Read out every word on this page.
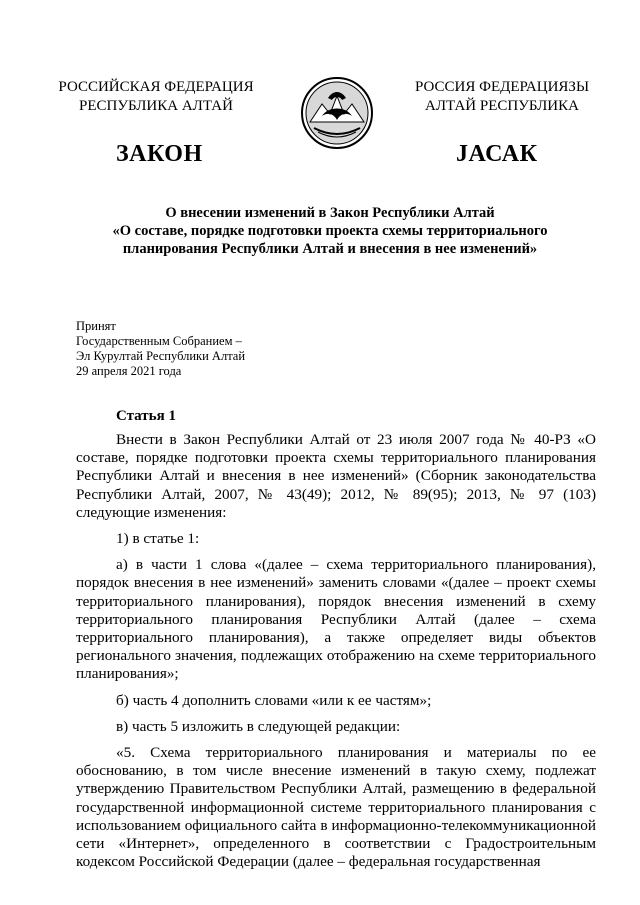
РОССИЙСКАЯ ФЕДЕРАЦИЯ
РЕСПУБЛИКА АЛТАЙ
РОССИЯ ФЕДЕРАЦИЯЗЫ
АЛТАЙ РЕСПУБЛИКА
ЗАКОН	ЈАСАК
О внесении изменений в Закон Республики Алтай
«О составе, порядке подготовки проекта схемы территориального
планирования Республики Алтай и внесения в нее изменений»
Принят
Государственным Собранием –
Эл Курултай Республики Алтай
29 апреля 2021 года
Статья 1

Внести в Закон Республики Алтай от 23 июля 2007 года № 40-РЗ «О составе, порядке подготовки проекта схемы территориального планирования Республики Алтай и внесения в нее изменений» (Сборник законодательства Республики Алтай, 2007, № 43(49); 2012, № 89(95); 2013, № 97 (103) следующие изменения:

1) в статье 1:

а) в части 1 слова «(далее – схема территориального планирования), порядок внесения в нее изменений» заменить словами «(далее – проект схемы территориального планирования), порядок внесения изменений в схему территориального планирования Республики Алтай (далее – схема территориального планирования), а также определяет виды объектов регионального значения, подлежащих отображению на схеме территориального планирования»;

б) часть 4 дополнить словами «или к ее частям»;

в) часть 5 изложить в следующей редакции:

«5. Схема территориального планирования и материалы по ее обоснованию, в том числе внесение изменений в такую схему, подлежат утверждению Правительством Республики Алтай, размещению в федеральной государственной информационной системе территориального планирования с использованием официального сайта в информационно-телекоммуникационной сети «Интернет», определенного в соответствии с Градостроительным кодексом Российской Федерации (далее – федеральная государственная
